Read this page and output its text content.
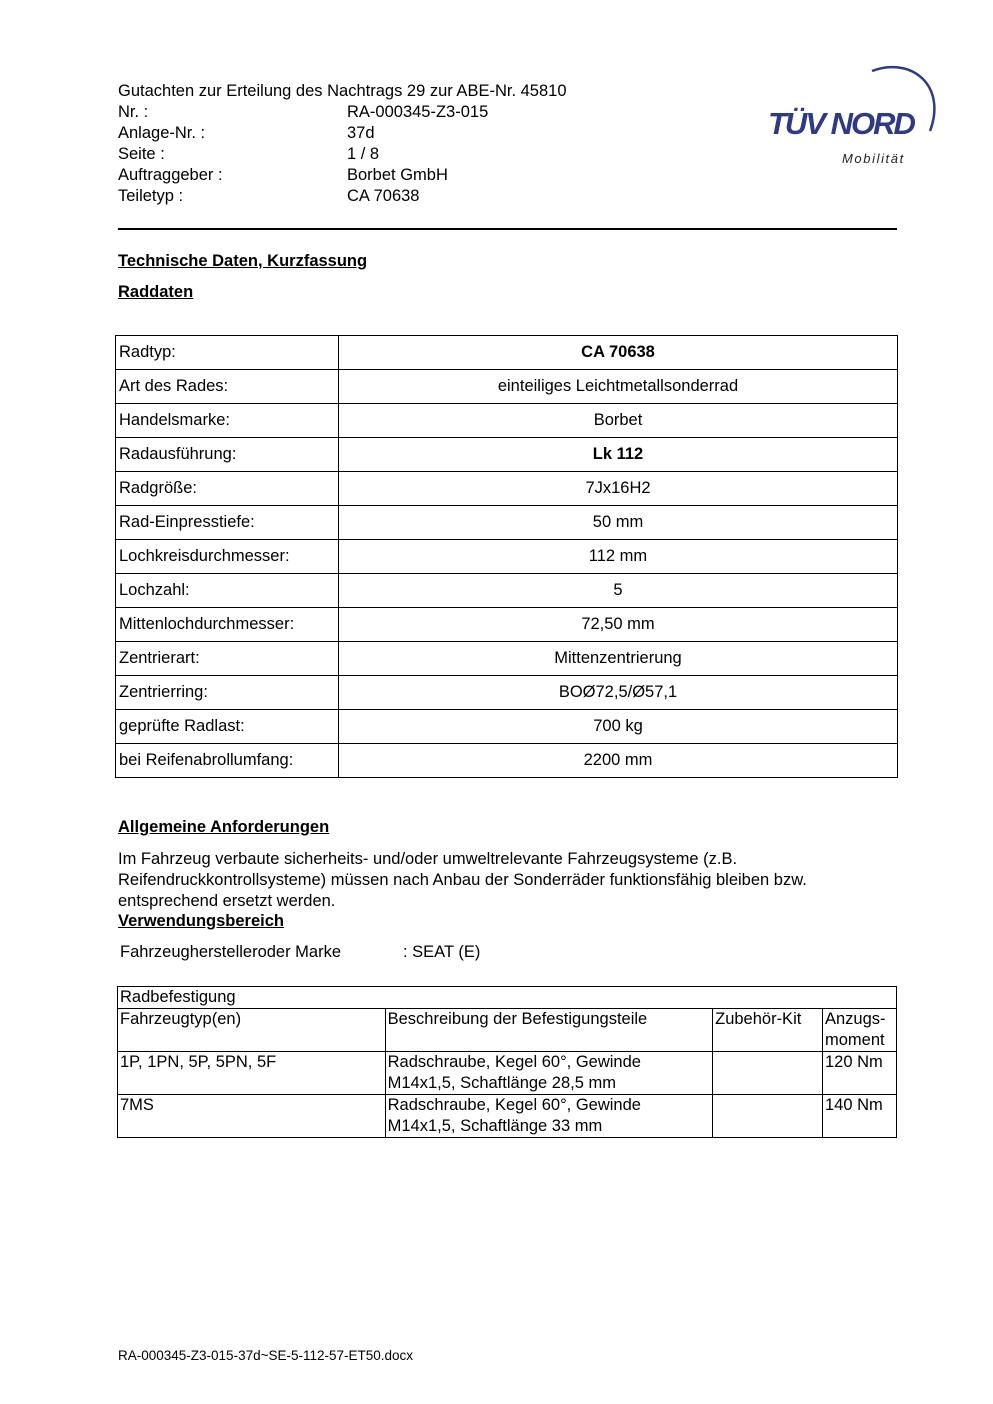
Gutachten zur Erteilung des Nachtrags 29 zur ABE-Nr. 45810
Nr. :	RA-000345-Z3-015
Anlage-Nr. :	37d
Seite :	1 / 8
Auftraggeber :	Borbet GmbH
Teiletyp :	CA 70638
TÜV NORD
Mobilität
Technische Daten, Kurzfassung
Raddaten
Radtyp:	CA 70638
Art des Rades:	einteiliges Leichtmetallsonderrad
Handelsmarke:	Borbet
Radausführung:	Lk 112
Radgröße:	7Jx16H2
Rad-Einpresstiefe:	50 mm
Lochkreisdurchmesser:	112 mm
Lochzahl:	5
Mittenlochdurchmesser:	72,50 mm
Zentrierart:	Mittenzentrierung
Zentrierring:	BOØ72,5/Ø57,1
geprüfte Radlast:	700 kg
bei Reifenabrollumfang:	2200 mm
Allgemeine Anforderungen
Im Fahrzeug verbaute sicherheits- und/oder umweltrelevante Fahrzeugsysteme (z.B. Reifendruckkontrollsysteme) müssen nach Anbau der Sonderräder funktionsfähig bleiben bzw. entsprechend ersetzt werden.
Verwendungsbereich
Fahrzeugherstelleroder Marke	: SEAT (E)
Radbefestigung			
Fahrzeugtyp(en)	Beschreibung der Befestigungsteile	Zubehör-Kit	Anzugs-moment
1P, 1PN, 5P, 5PN, 5F	Radschraube, Kegel 60°, Gewinde M14x1,5, Schaftlänge 28,5 mm		120 Nm
7MS	Radschraube, Kegel 60°, Gewinde M14x1,5, Schaftlänge 33 mm		140 Nm
RA-000345-Z3-015-37d~SE-5-112-57-ET50.docx
